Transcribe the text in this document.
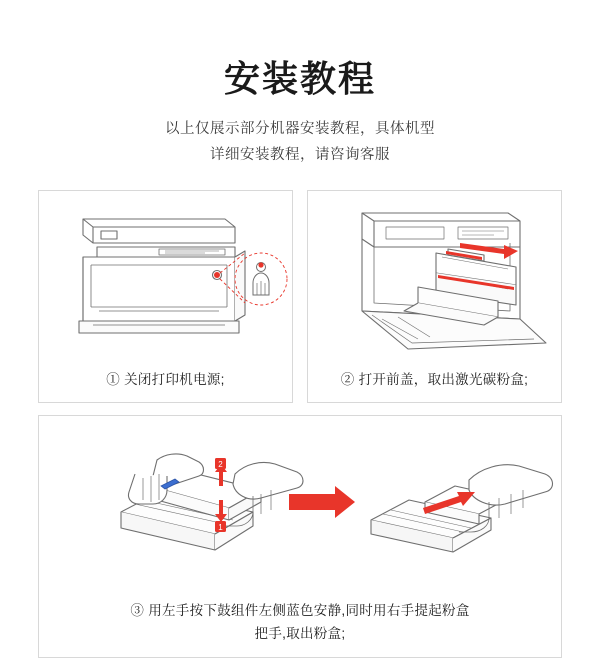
安装教程
以上仅展示部分机器安装教程，具体机型
详细安装教程，请咨询客服
① 关闭打印机电源;	② 打开前盖，取出激光碳粉盒;
2
1
③ 用左手按下鼓组件左侧蓝色安静,同时用右手提起粉盒
把手,取出粉盒;
